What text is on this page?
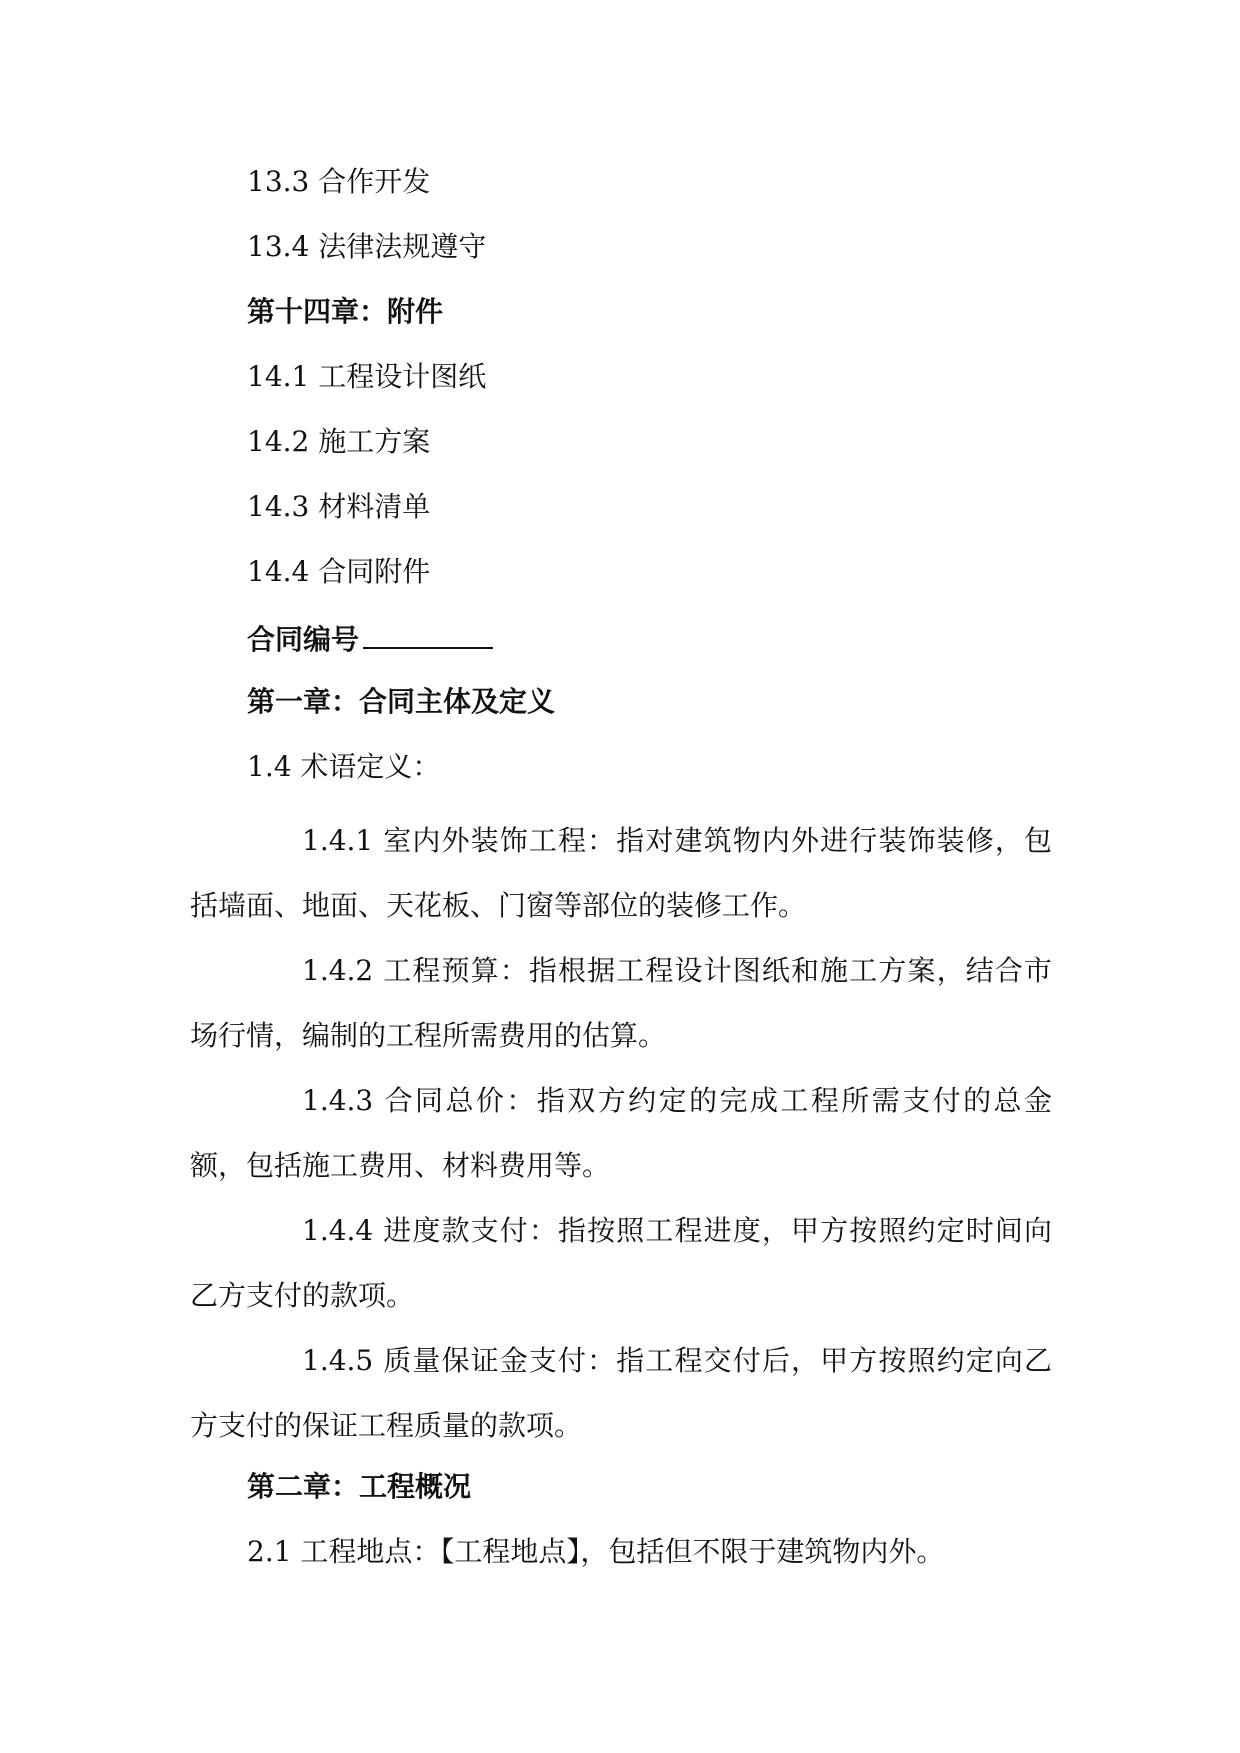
13.3 合作开发
13.4 法律法规遵守
第十四章：附件
14.1 工程设计图纸
14.2 施工方案
14.3 材料清单
14.4 合同附件
合同编号
第一章：合同主体及定义
1.4 术语定义：
1.4.1 室内外装饰工程：指对建筑物内外进行装饰装修，包括墙面、地面、天花板、门窗等部位的装修工作。
1.4.2 工程预算：指根据工程设计图纸和施工方案，结合市场行情，编制的工程所需费用的估算。
1.4.3 合同总价：指双方约定的完成工程所需支付的总金额，包括施工费用、材料费用等。
1.4.4 进度款支付：指按照工程进度，甲方按照约定时间向乙方支付的款项。
1.4.5 质量保证金支付：指工程交付后，甲方按照约定向乙方支付的保证工程质量的款项。
第二章：工程概况
2.1 工程地点：【工程地点】，包括但不限于建筑物内外。
